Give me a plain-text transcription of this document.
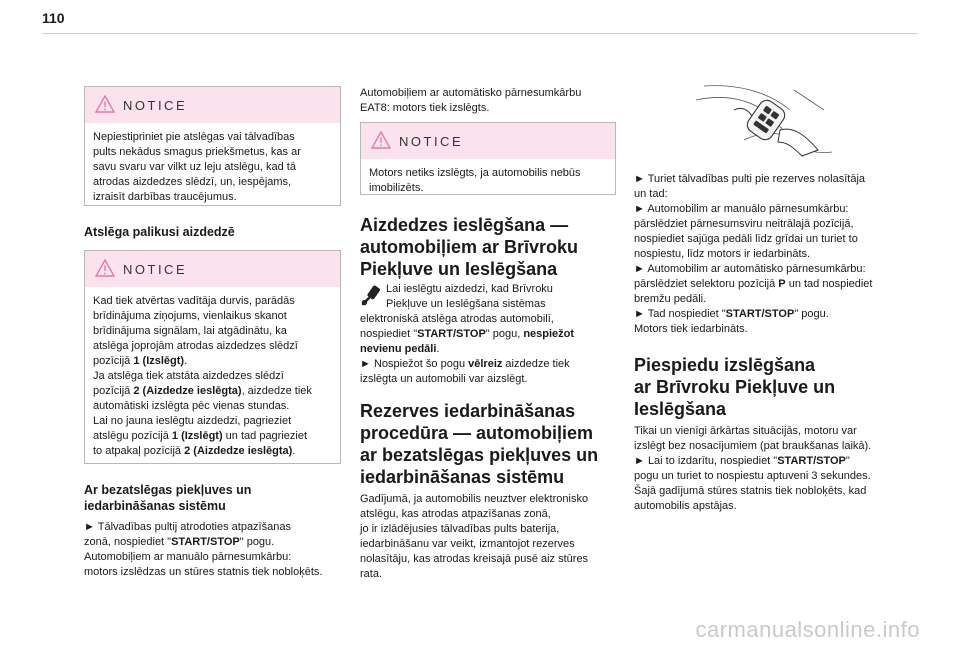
110
NOTICE

Nepiestipriniet pie atslēgas vai tālvadības

pults nekādus smagus priekšmetus, kas ar

savu svaru var vilkt uz leju atslēgu, kad tā

atrodas aizdedzes slēdzī, un, iespējams,

izraisīt darbības traucējumus.

Atslēga palikusi aizdedzē
NOTICE

Kad tiek atvērtas vadītāja durvis, parādās

brīdinājuma ziņojums, vienlaikus skanot

brīdinājuma signālam, lai atgādinātu, ka

atslēga joprojām atrodas aizdedzes slēdzī

pozīcijā 1 (Izslēgt).

Ja atslēga tiek atstāta aizdedzes slēdzī

pozīcijā 2 (Aizdedze ieslēgta), aizdedze tiek

automātiski izslēgta pēc vienas stundas.

Lai no jauna ieslēgtu aizdedzi, pagrieziet

atslēgu pozīcijā 1 (Izslēgt) un tad pagrieziet

to atpakaļ pozīcijā 2 (Aizdedze ieslēgta).

Ar bezatslēgas piekļuves un
iedarbināšanas sistēmu

► Tālvadības pultij atrodoties atpazīšanas

zonā, nospiediet "START/STOP" pogu.

Automobiļiem ar manuālo pārnesumkārbu:

motors izslēdzas un stūres statnis tiek nobloķēts.

Automobiļiem ar automātisko pārnesumkārbu

EAT8: motors tiek izslēgts.

NOTICE

Motors netiks izslēgts, ja automobilis nebūs

imobilizēts.

Aizdedzes ieslēgšana —
automobiļiem ar Brīvroku
Piekļuve un Ieslēgšana

Lai ieslēgtu aizdedzi, kad Brīvroku

Piekļuve un Ieslēgšana sistēmas

elektroniskā atslēga atrodas automobilī,

nospiediet "START/STOP" pogu, nespiežot

nevienu pedāli.

► Nospiežot šo pogu vēlreiz aizdedze tiek

izslēgta un automobili var aizslēgt.

Rezerves iedarbināšanas
procedūra — automobiļiem
ar bezatslēgas piekļuves un
iedarbināšanas sistēmu

Gadījumā, ja automobilis neuztver elektronisko

atslēgu, kas atrodas atpazīšanas zonā,

jo ir izlādējusies tālvadības pults baterija,

iedarbināšanu var veikt, izmantojot rezerves

nolasītāju, kas atrodas kreisajā pusē aiz stūres

rata.

► Turiet tālvadības pulti pie rezerves nolasītāja

un tad:

► Automobilim ar manuālo pārnesumkārbu:

pārslēdziet pārnesumsviru neitrālajā pozīcijā,

nospiediet sajūga pedāli līdz grīdai un turiet to

nospiestu, līdz motors ir iedarbināts.

► Automobilim ar automātisko pārnesumkārbu:

pārslēdziet selektoru pozīcijā P un tad nospiediet

bremžu pedāli.

► Tad nospiediet "START/STOP" pogu.

Motors tiek iedarbināts.

Piespiedu izslēgšana
ar Brīvroku Piekļuve un
Ieslēgšana

Tikai un vienīgi ārkārtas situācijās, motoru var

izslēgt bez nosacījumiem (pat braukšanas laikā).

► Lai to izdarītu, nospiediet "START/STOP"

pogu un turiet to nospiestu aptuveni 3 sekundes.

Šajā gadījumā stūres statnis tiek nobloķēts, kad

automobilis apstājas.

carmanualsonline.info
